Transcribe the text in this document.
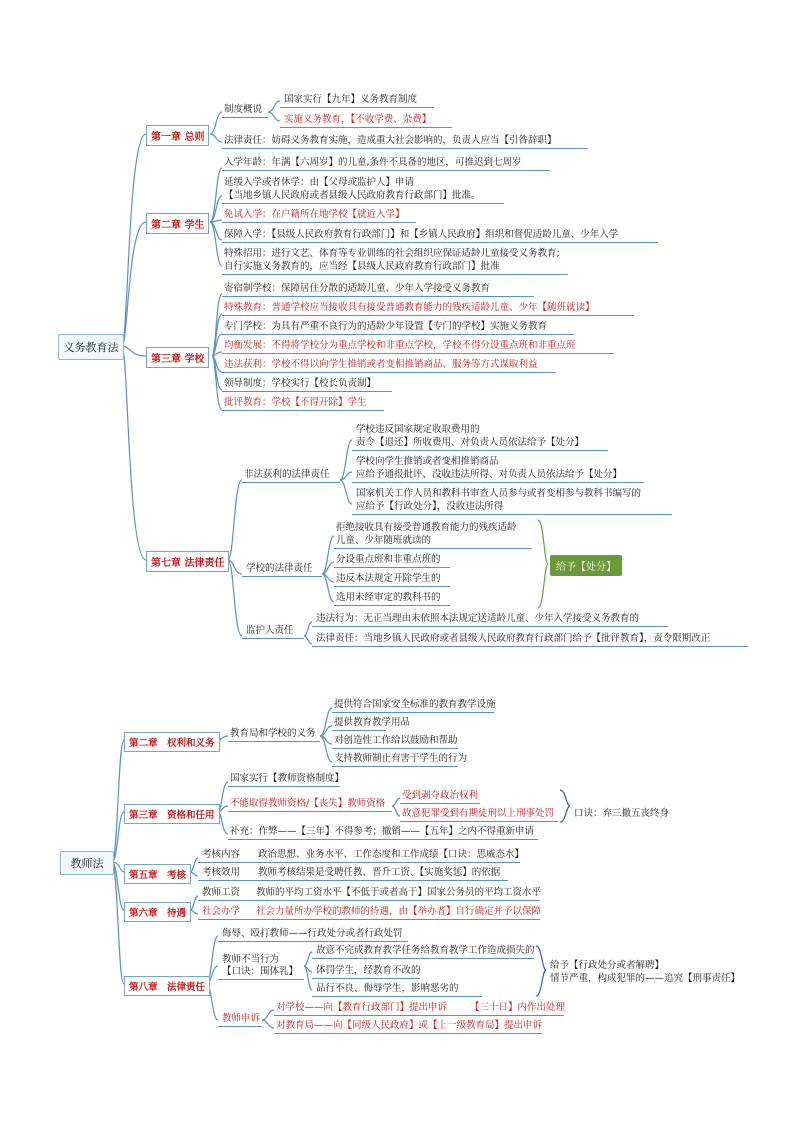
义务教育法
第一章 总则
制度概说
国家实行【九年】义务教育制度
实施义务教育，【不收学费、杂费】
法律责任：妨碍义务教育实施，造成重大社会影响的，负责人应当【引咎辞职】
第二章 学生
入学年龄：年满【六周岁】的儿童,条件不具备的地区，可推迟到七周岁
延缓入学或者休学：由【父母或监护人】申请
【当地乡镇人民政府或者县级人民政府教育行政部门】批准。
免试入学：在户籍所在地学校【就近入学】
保障入学：【县级人民政府教育行政部门】和【乡镇人民政府】组织和督促适龄儿童、少年入学
特殊招用：进行文艺、体育等专业训练的社会组织应保证适龄儿童接受义务教育;
自行实施义务教育的，应当经【县级人民政府教育行政部门】批准
第三章 学校
寄宿制学校：保障居住分散的适龄儿童、少年入学接受义务教育
特殊教育：普通学校应当接收具有接受普通教育能力的残疾适龄儿童、少年【随班就读】
专门学校：为具有严重不良行为的适龄少年设置【专门的学校】实施义务教育
均衡发展：不得将学校分为重点学校和非重点学校，学校不得分设重点班和非重点班
违法获利：学校不得以向学生推销或者变相推销商品、服务等方式谋取利益
领导制度：学校实行【校长负责制】
批评教育：学校【不得开除】学生
第七章 法律责任
非法获利的法律责任
学校违反国家规定收取费用的
责令【退还】所收费用、对负责人员依法给予【处分】
学校向学生推销或者变相推销商品
应给予通报批评、没收违法所得、对负责人员依法给予【处分】
国家机关工作人员和教科书审查人员参与或者变相参与教科书编写的
应给予【行政处分】，没收违法所得
学校的法律责任
拒绝接收具有接受普通教育能力的残疾适龄
儿童、少年随班就读的
分设重点班和非重点班的
违反本法规定开除学生的
选用未经审定的教科书的
给予【处分】
监护人责任
违法行为：无正当理由未依照本法规定送适龄儿童、少年入学接受义务教育的
法律责任：当地乡镇人民政府或者县级人民政府教育行政部门给予【批评教育】，责令限期改正
教师法
第二章　权利和义务
教育局和学校的义务
提供符合国家安全标准的教育教学设施
提供教育教学用品
对创造性工作给以鼓励和帮助
支持教师制止有害于学生的行为
第三章　资格和任用
国家实行【教师资格制度】
不能取得教师资格/【丧失】教师资格
受到剥夺政治权利
故意犯罪受到有期徒刑以上刑事处罚 口诀：弃三撤五丧终身
补充：作弊——【三年】不得参考；撤销——【五年】之内不得重新申请
第五章　考核
考核内容 政治思想、业务水平、工作态度和工作成绩【口诀：思威态水】
考核效用 教师考核结果是受聘任教、晋升工资、【实施奖惩】的依据
第六章　待遇
教师工资 教师的平均工资水平【不低于或者高于】国家公务员的平均工资水平
社会办学 社会力量所办学校的教师的待遇，由【举办者】自行确定并予以保障
第八章　法律责任
侮辱、殴打教师——行政处分或者行政处罚
教师不当行为
【口诀：围体乳】
故意不完成教育教学任务给教育教学工作造成损失的
体罚学生，经教育不改的
品行不良、侮辱学生，影响恶劣的
给予【行政处分或者解聘】
情节严重，构成犯罪的——追究【刑事责任】
教师申诉
对学校——向【教育行政部门】提出申诉 【三十日】内作出处理
对教育局——向【同级人民政府】或【上一级教育局】提出申诉
